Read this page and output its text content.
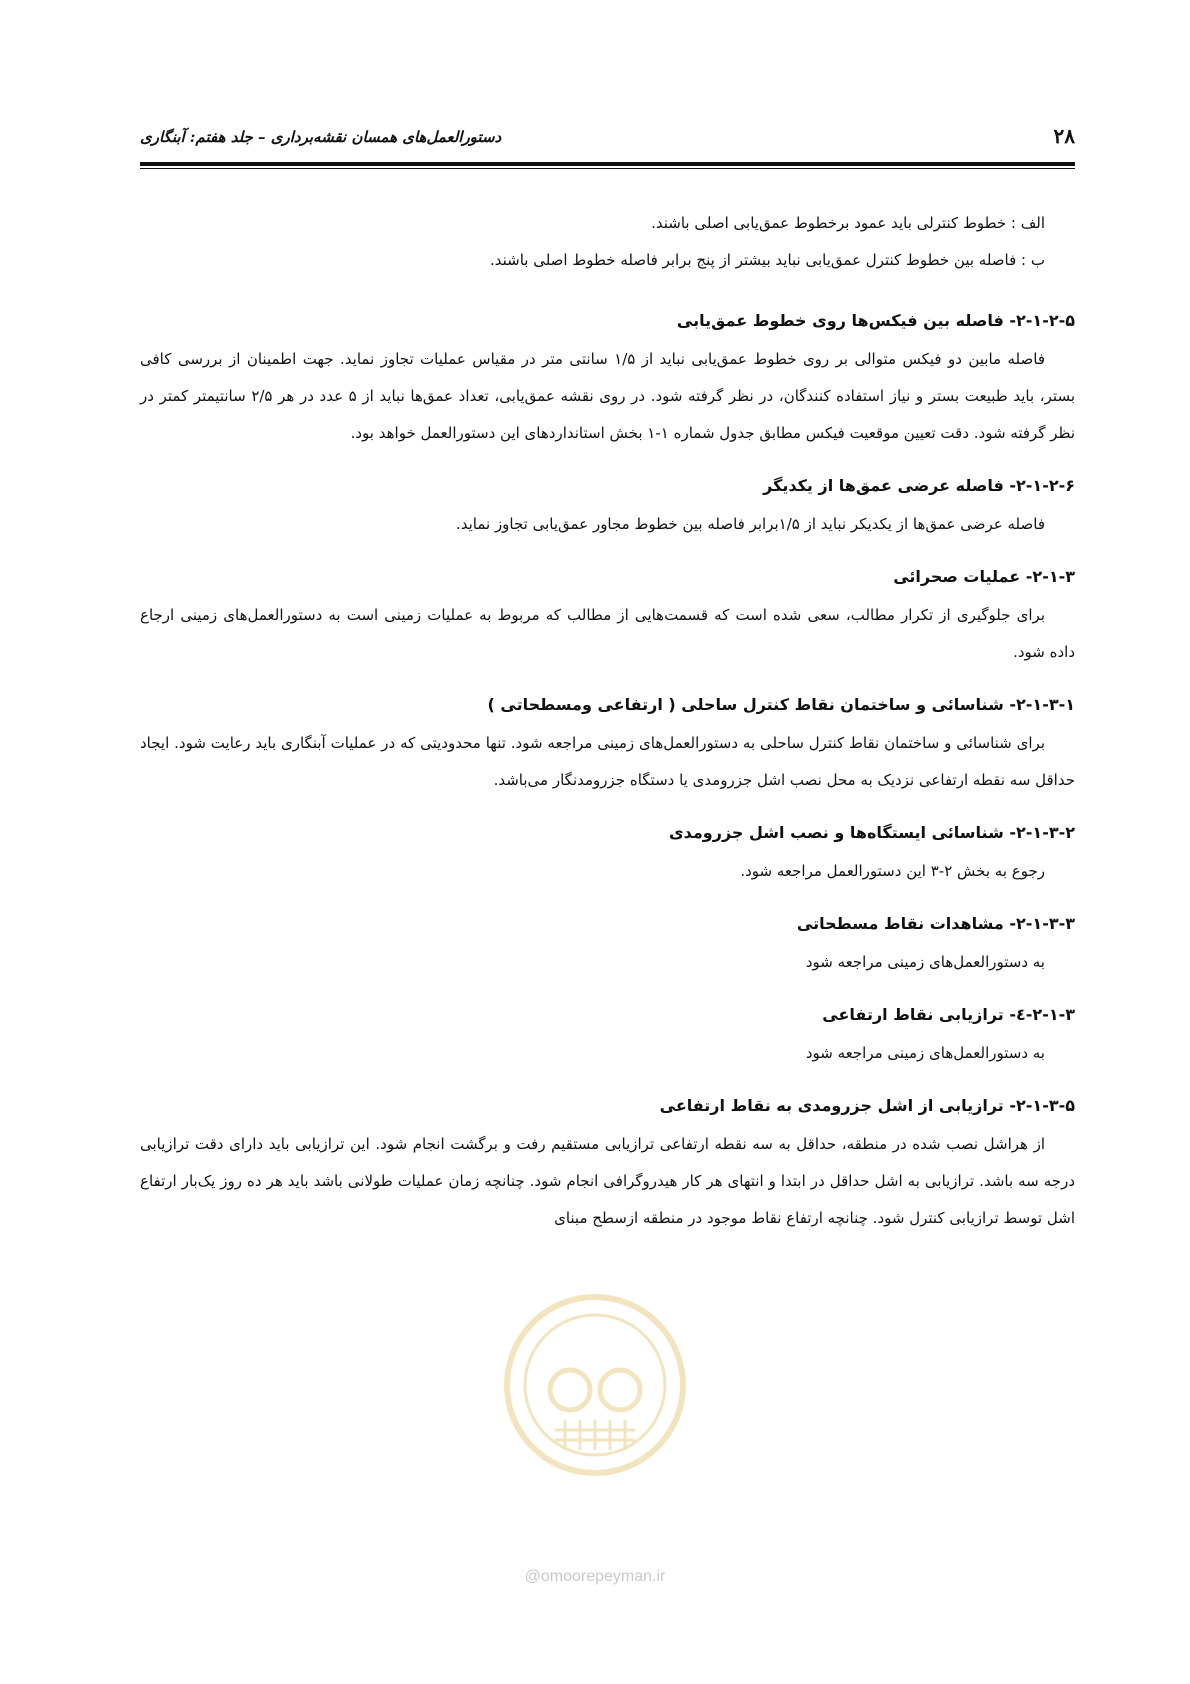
دستورالعمل‌های همسان نقشه‌برداری – جلد هفتم: آبنگاری	۲۸

الف : خطوط کنترلی باید عمود برخطوط عمق‌یابی اصلی باشند.

ب : فاصله بین خطوط کنترل عمق‌یابی نباید بیشتر از پنج برابر فاصله خطوط اصلی باشند.

۲-۱-۲-۵- فاصله بین فیکس‌ها روی خطوط عمق‌یابی

فاصله مابین دو فیکس متوالی بر روی خطوط عمق‌یابی نباید از ۱/۵ سانتی متر در مقیاس عملیات تجاوز نماید. جهت اطمینان از بررسی کافی بستر، باید طبیعت بستر و نیاز استفاده کنندگان، در نظر گرفته شود. در روی نقشه عمق‌یابی، تعداد عمق‌ها نباید از ۵ عدد در هر ۲/۵ سانتیمتر کمتر در نظر گرفته شود. دقت تعیین موقعیت فیکس مطابق جدول شماره ۱-۱ بخش استانداردهای این دستورالعمل خواهد بود.

۲-۱-۲-۶- فاصله عرضی عمق‌ها از یکدیگر

فاصله عرضی عمق‌ها از یکدیکر نباید از ۱/۵برابر فاصله بین خطوط مجاور عمق‌یابی تجاوز نماید.

۲-۱-۳- عملیات صحرائی

برای جلوگیری از تکرار مطالب، سعی شده است که قسمت‌هایی از مطالب که مربوط به عملیات زمینی است به دستورالعمل‌های زمینی ارجاع داده شود.

۲-۱-۳-۱- شناسائی و ساختمان نقاط کنترل ساحلی ( ارتفاعی ومسطحاتی )

برای شناسائی و ساختمان نقاط کنترل ساحلی به دستورالعمل‌های زمینی مراجعه شود. تنها محدودیتی که در عملیات آبنگاری باید رعایت شود. ایجاد حداقل سه نقطه ارتفاعی نزدیک به محل نصب اشل جزرومدی یا دستگاه جزرومدنگار می‌باشد.

۲-۱-۳-۲- شناسائی ایستگاه‌ها و نصب اشل جزرومدی

رجوع به بخش ۲-۳ این دستورالعمل مراجعه شود.

۲-۱-۳-۳- مشاهدات نقاط مسطحاتی

به دستورالعمل‌های زمینی مراجعه شود

۲-۱-۳-٤- ترازیابی نقاط ارتفاعی

به دستورالعمل‌های زمینی مراجعه شود

۲-۱-۳-۵- ترازیابی از اشل جزرومدی به نقاط ارتفاعی

از هراشل نصب شده در منطقه، حداقل به سه نقطه ارتفاعی ترازیابی مستقیم رفت و برگشت انجام شود. این ترازیابی باید دارای دقت ترازیابی درجه سه باشد. ترازیابی به اشل حداقل در ابتدا و انتهای هر کار هیدروگرافی انجام شود. چنانچه زمان عملیات طولانی باشد باید هر ده روز یک‌بار ارتفاع اشل توسط ترازیابی کنترل شود. چنانچه ارتفاع نقاط موجود در منطقه ازسطح مبنای

@omoorepeyman.ir
